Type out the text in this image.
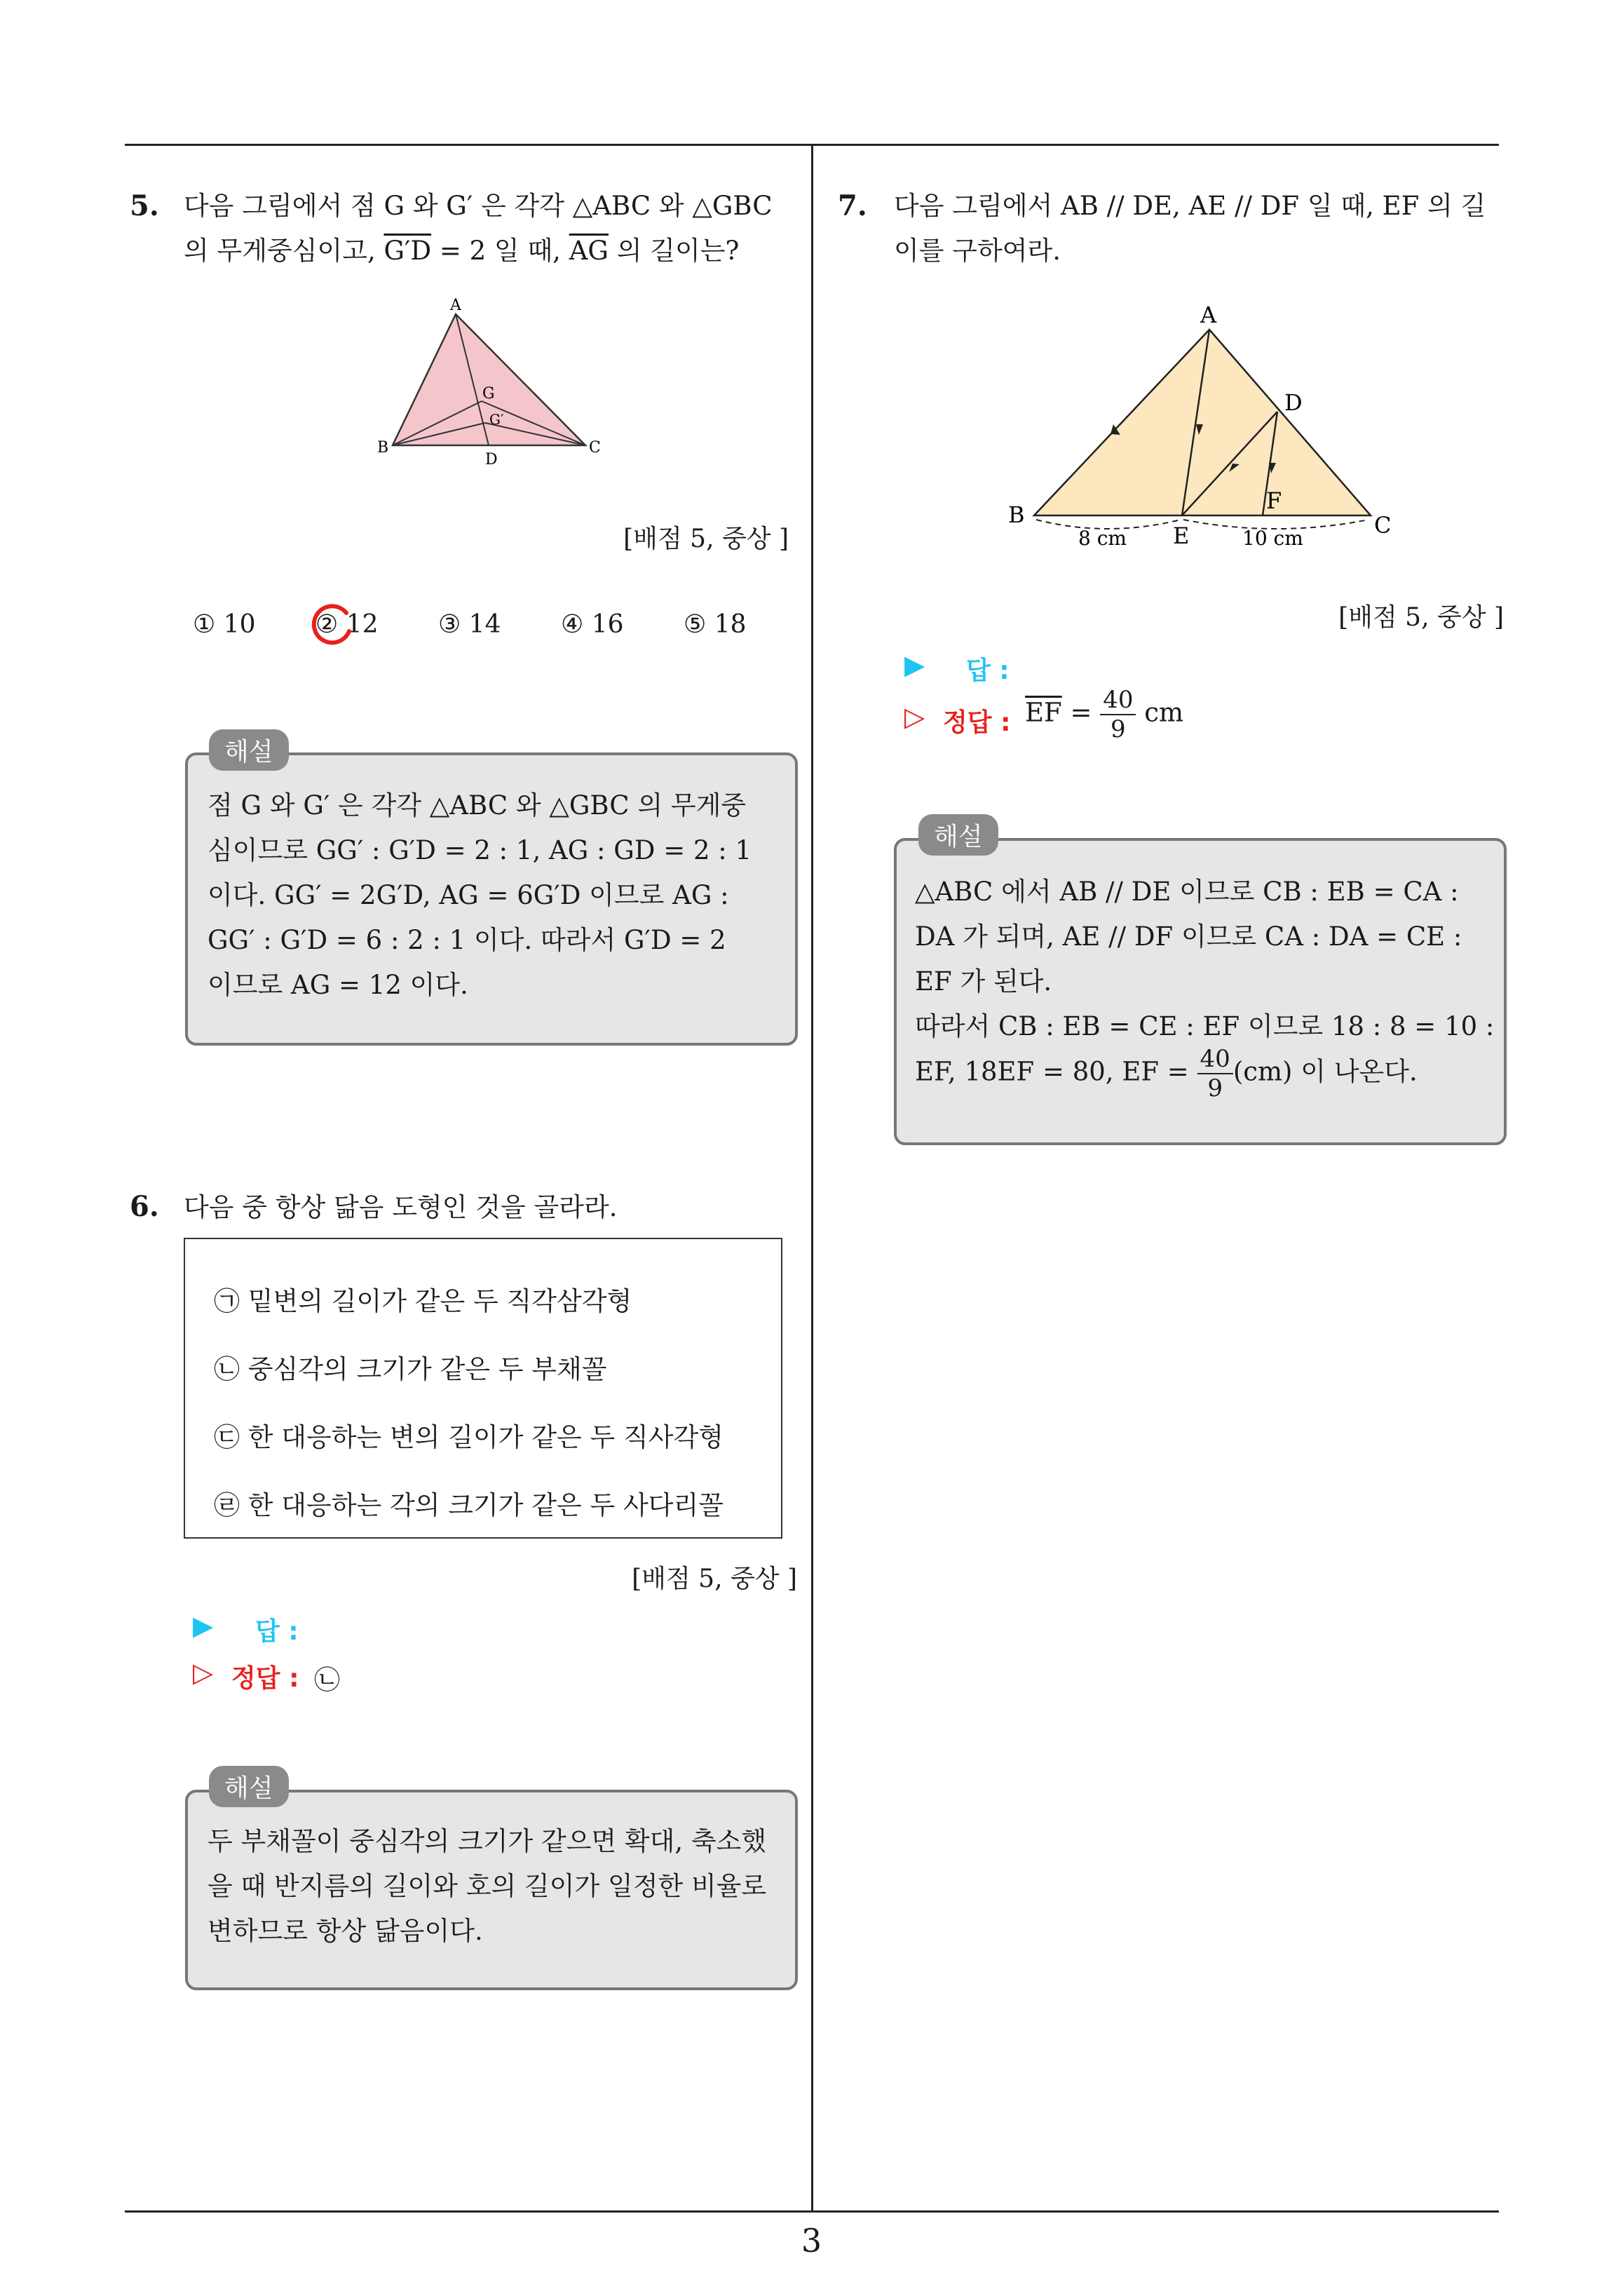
3
5. 다음 그림에서 점 G 와 G′ 은 각각 △ABC 와 △GBC
의 무게중심이고, G′D = 2 일 때, $\overline{AG}$ 의 길이는?
A
B	C
D
G
G′
[배점 5, 중상 ]
① 10 ② 12 ③ 14 ④ 16 ⑤ 18
해설
점 G 와 G′ 은 각각 △ABC 와 △GBC 의 무게중
심이므로 GG′ : G′D = 2 : 1, AG : GD = 2 : 1
이다. GG′ = 2G′D, AG = 6G′D 이므로 AG :
GG′ : G′D = 6 : 2 : 1 이다. 따라서 G′D = 2
이므로 AG = 12 이다.
6. 다음 중 항상 닮음 도형인 것을 골라라.
㉠ 밑변의 길이가 같은 두 직각삼각형
㉡ 중심각의 크기가 같은 두 부채꼴
㉢ 한 대응하는 변의 길이가 같은 두 직사각형
㉣ 한 대응하는 각의 크기가 같은 두 사다리꼴
[배점 5, 중상 ]
▶ 답 :
▷ 정답 : ㉡
해설
두 부채꼴이 중심각의 크기가 같으면 확대, 축소했
을 때 반지름의 길이와 호의 길이가 일정한 비율로
변하므로 항상 닮음이다.
7. 다음 그림에서 AB // DE, AE // DF 일 때, EF 의 길
이를 구하여라.
A
B	C
D
E
F
8 cm	10 cm
[배점 5, 중상 ]
▶ 답 :
▷ 정답 : $\overline{EF} = \frac{40}{9}$ cm
해설
△ABC 에서 AB // DE 이므로 CB : EB = CA :
DA 가 되며, AE // DF 이므로 CA : DA = CE :
EF 가 된다.
따라서 CB : EB = CE : EF 이므로 18 : 8 = 10 :
EF, 18EF = 80, EF = $\frac{40}{9} (cm)$ 이 나온다.
